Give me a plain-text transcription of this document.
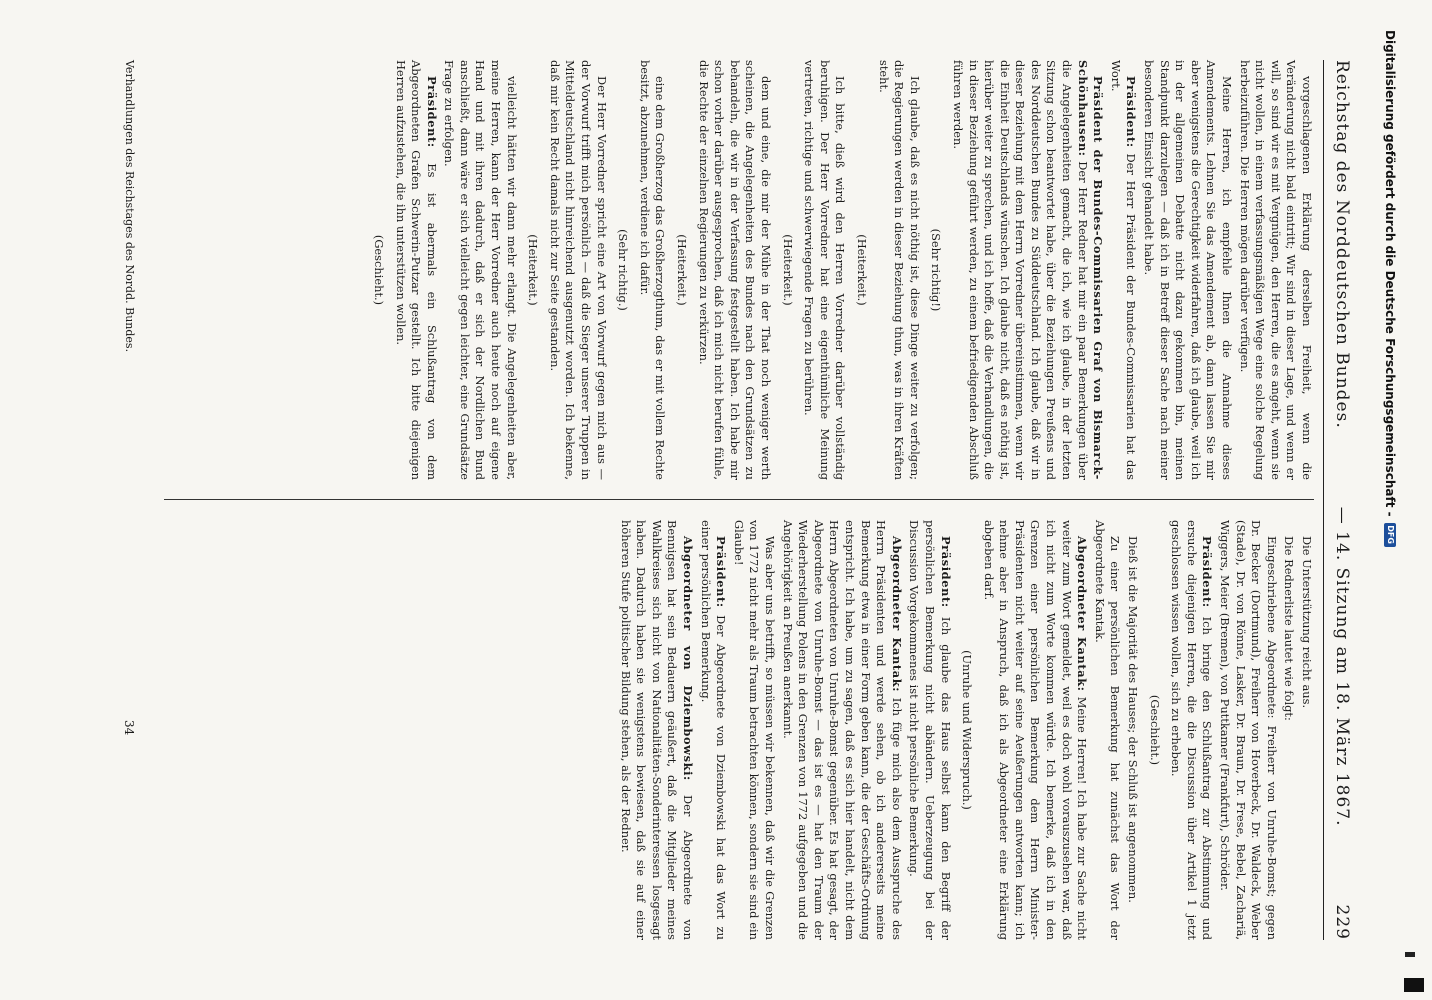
Reichstag des Norddeutschen Bundes.
— 14. Sitzung am 18. März 1867.
229

vorgeschlagenen Erklärung derselben Freiheit, wenn die Veränderung nicht bald eintritt; Wir sind in dieser Lage, und wenn er will, so sind wir es mit Vergnügen, den Herren, die es angeht, wenn sie nicht wollen, in einem verfassungsmäßigen Wege eine solche Regelung herbeizuführen. Die Herren mögen darüber verfügen.

Meine Herren, ich empfehle Ihnen die Annahme dieses Amendements. Lehnen Sie das Amendement ab, dann lassen Sie mir aber wenigstens die Gerechtigkeit widerfahren, daß ich glaube, weil ich in der allgemeinen Debatte nicht dazu gekommen bin, meinen Standpunkt darzulegen — daß ich in Betreff dieser Sache nach meiner besonderen Einsicht gehandelt habe.

Präsident: Der Herr Präsident der Bundes-Commissarien hat das Wort.

Präsident der Bundes-Commissarien Graf von Bismarck-Schönhausen: Der Herr Redner hat mir ein paar Bemerkungen über die Angelegenheiten gemacht, die ich, wie ich glaube, in der letzten Sitzung schon beantwortet habe, über die Beziehungen Preußens und des Norddeutschen Bundes zu Süddeutschland. Ich glaube, daß wir in dieser Beziehung mit dem Herrn Vorredner übereinstimmen, wenn wir die Einheit Deutschlands wünschen. Ich glaube nicht, daß es nöthig ist, hierüber weiter zu sprechen, und ich hoffe, daß die Verhandlungen, die in dieser Beziehung geführt werden, zu einem befriedigenden Abschluß führen werden.

(Sehr richtig!)

Ich glaube, daß es nicht nöthig ist, diese Dinge weiter zu verfolgen; die Regierungen werden in dieser Beziehung thun, was in ihren Kräften steht.

(Heiterkeit.)

Ich bitte, dieß wird den Herren Vorredner darüber vollständig beruhigen. Der Herr Vorredner hat eine eigenthümliche Meinung vertreten, richtige und schwerwiegende Fragen zu berühren.

(Heiterkeit.)

dem und eine, die mir der Mühe in der That noch weniger werth scheinen, die Angelegenheiten des Bundes nach den Grundsätzen zu behandeln, die wir in der Verfassung festgestellt haben. Ich habe mir schon vorher darüber ausgesprochen, daß ich mich nicht berufen fühle, die Rechte der einzelnen Regierungen zu verkürzen.

(Heiterkeit.)

eine dem Großherzog das Großherzogthum, das er mit vollem Rechte besitzt, abzunehmen, verdiene ich dafür.

(Sehr richtig.)

Der Herr Vorredner spricht eine Art von Vorwurf gegen mich aus — der Vorwurf trifft mich persönlich — daß die Sieger unserer Truppen in Mitteldeutschland nicht hinreichend ausgenutzt worden. Ich bekenne, daß mir kein Recht damals nicht zur Seite gestanden.

(Heiterkeit.)

vielleicht hätten wir dann mehr erlangt. Die Angelegenheiten aber, meine Herren, kann der Herr Vorredner auch heute noch auf eigene Hand und mit ihren dadurch, daß er sich der Nordlichen Bund anschließt, dann wäre er sich vielleicht gegen leichter, eine Grundsätze Frage zu erfolgen.

Präsident: Es ist abermals ein Schlußantrag von dem Abgeordneten Grafen Schwerin-Putzar gestellt. Ich bitte diejenigen Herren aufzustehen, die ihn unterstützen wollen.

(Geschieht.)

Die Unterstützung reicht aus.

Die Rednerliste lautet wie folgt:

Eingeschriebene Abgeordnete: Freiherr von Unruhe-Bomst; gegen Dr. Becker (Dortmund), Freiherr von Hoverbeck, Dr. Waldeck, Weber (Stade), Dr. von Rönne, Lasker, Dr. Braun, Dr. Frese, Bebel, Zachariä, Wiggers, Meier (Bremen), von Puttkamer (Frankfurt), Schröder.

Präsident: Ich bringe den Schlußantrag zur Abstimmung und ersuche diejenigen Herren, die die Discussion über Artikel 1 jetzt geschlossen wissen wollen, sich zu erheben.

(Geschieht.)

Dieß ist die Majorität des Hauses; der Schluß ist angenommen.

Zu einer persönlichen Bemerkung hat zunächst das Wort der Abgeordnete Kantak.

Abgeordneter Kantak: Meine Herren! Ich habe zur Sache nicht weiter zum Wort gemeldet, weil es doch wohl vorauszusehen war, daß ich nicht zum Worte kommen würde. Ich bemerke, daß ich in den Grenzen einer persönlichen Bemerkung dem Herrn Minister-Präsidenten nicht weiter auf seine Aeußerungen antworten kann; ich nehme aber in Anspruch, daß ich als Abgeordneter eine Erklärung abgeben darf.

(Unruhe und Widerspruch.)

Präsident: Ich glaube das Haus selbst kann den Begriff der persönlichen Bemerkung nicht abändern. Ueberzeugung bei der Discussion Vorgekommenes ist nicht persönliche Bemerkung.

Abgeordneter Kantak: Ich füge mich also dem Ausspruche des Herrn Präsidenten und werde sehen, ob ich andererseits meine Bemerkung etwa in einer Form geben kann, die der Geschäfts-Ordnung entspricht. Ich habe, um zu sagen, daß es sich hier handelt, nicht dem Herrn Abgeordneten von Unruhe-Bomst gegenüber. Es hat gesagt, der Abgeordnete von Unruhe-Bomst — das ist es — hat den Traum der Wiederherstellung Polens in den Grenzen von 1772 aufgegeben und die Angehörigkeit an Preußen anerkannt.

Was aber uns betrifft, so müssen wir bekennen, daß wir die Grenzen von 1772 nicht mehr als Traum betrachten können, sondern sie sind ein Glaube!

Präsident: Der Abgeordnete von Dziembowski hat das Wort zu einer persönlichen Bemerkung.

Abgeordneter von Dziembowski: Der Abgeordnete von Bennigsen hat sein Bedauern geäußert, daß die Mitglieder meines Wahlkreises sich nicht von Nationalitäten-Sonderinteressen losgesagt haben. Dadurch haben sie wenigstens bewiesen, daß sie auf einer höheren Stufe politischer Bildung stehen, als der Redner.

Verhandlungen des Reichstages des Nordd. Bundes.
34
Digitalisierung gefördert durch die Deutsche Forschungsgemeinschaft -
DFG
